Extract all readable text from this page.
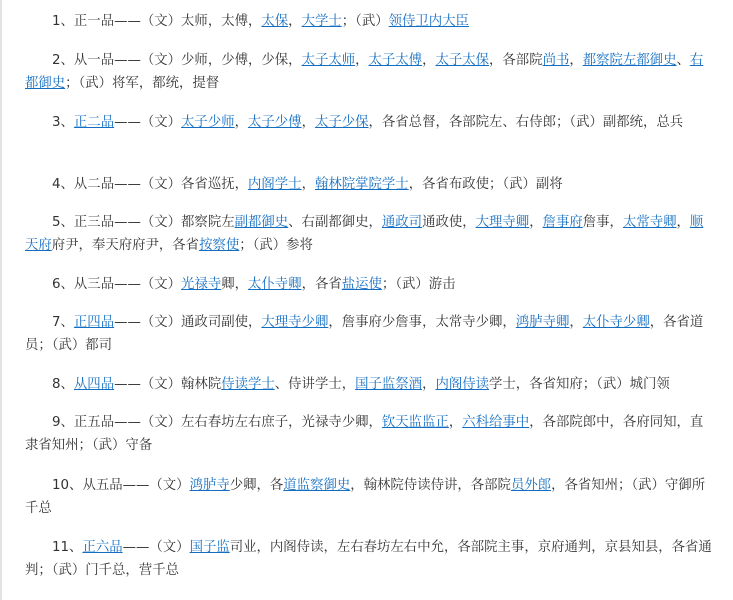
1、正一品——（文）太师，太傅，太保，大学士；（武）领侍卫内大臣

2、从一品——（文）少师，少傅，少保，太子太师，太子太傅，太子太保，各部院尚书，都察院左都御史、右都御史；（武）将军，都统，提督

3、正二品——（文）太子少师，太子少傅，太子少保，各省总督，各部院左、右侍郎；（武）副都统，总兵

4、从二品——（文）各省巡抚，内阁学士，翰林院掌院学士，各省布政使；（武）副将

5、正三品——（文）都察院左副都御史、右副都御史，通政司通政使，大理寺卿，詹事府詹事，太常寺卿，顺天府府尹，奉天府府尹，各省按察使；（武）参将

6、从三品——（文）光禄寺卿，太仆寺卿，各省盐运使；（武）游击

7、正四品——（文）通政司副使，大理寺少卿，詹事府少詹事，太常寺少卿，鸿胪寺卿，太仆寺少卿，各省道员；（武）都司

8、从四品——（文）翰林院侍读学士、侍讲学士，国子监祭酒，内阁侍读学士，各省知府；（武）城门领

9、正五品——（文）左右春坊左右庶子，光禄寺少卿，钦天监监正，六科给事中，各部院郎中，各府同知，直隶省知州；（武）守备

10、从五品——（文）鸿胪寺少卿，各道监察御史，翰林院侍读侍讲，各部院员外郎，各省知州；（武）守御所千总

11、正六品——（文）国子监司业，内阁侍读，左右春坊左右中允，各部院主事，京府通判，京县知县，各省通判；（武）门千总，营千总
